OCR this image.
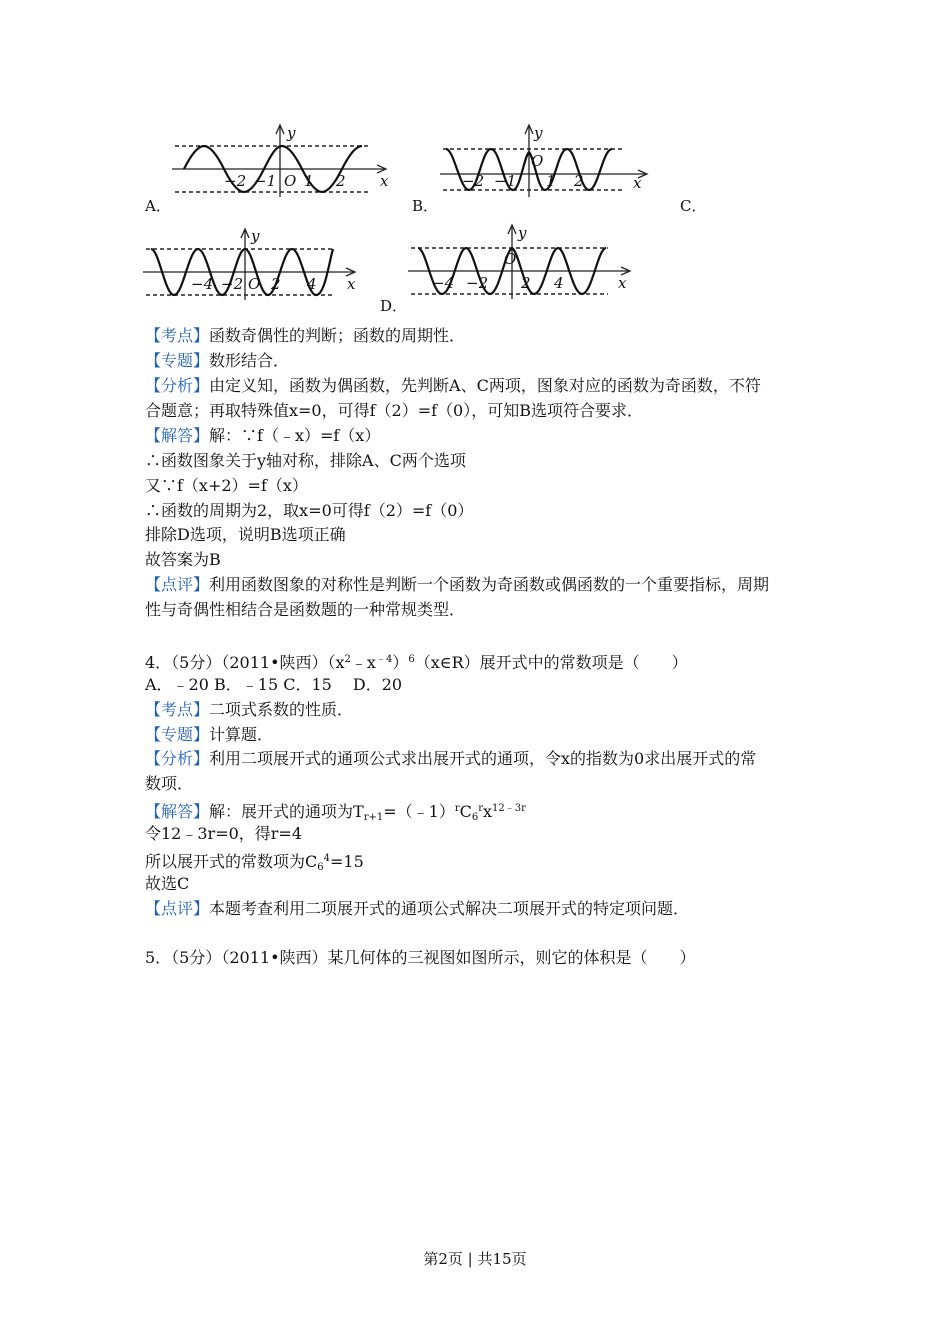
y
x
O
−2 −1 1 2
A．
y
x
O
−2 −1 1 2
B．	C．
y
x
O
−4 −2 2 4
y
x
O
−4 −2 2 4
D．
【考点】函数奇偶性的判断；函数的周期性．
【专题】数形结合．
【分析】由定义知，函数为偶函数，先判断A、C两项，图象对应的函数为奇函数，不符
合题意；再取特殊值x=0，可得f（2）=f（0），可知B选项符合要求．
【解答】解：∵f（﹣x）=f（x）
∴函数图象关于y轴对称，排除A、C两个选项
又∵f（x+2）=f（x）
∴函数的周期为2，取x=0可得f（2）=f（0）
排除D选项，说明B选项正确
故答案为B
【点评】利用函数图象的对称性是判断一个函数为奇函数或偶函数的一个重要指标，周期
性与奇偶性相结合是函数题的一种常规类型．
4．（5分）（2011•陕西）$(x^2﹣x^{﹣4})^6(x\in R)$展开式中的常数项是（　　）
A．﹣20 B．﹣15 C．15　 D．20
【考点】二项式系数的性质．
【专题】计算题．
【分析】利用二项展开式的通项公式求出展开式的通项，令x的指数为0求出展开式的常
数项．
【解答】解：展开式的通项为$T_{r+1}=(﹣1)^rC_6^rx^{12﹣3r}$
令12﹣3r=0，得r=4
所以展开式的常数项为$C_6^4=15$
故选C
【点评】本题考查利用二项展开式的通项公式解决二项展开式的特定项问题．
5．（5分）（2011•陕西）某几何体的三视图如图所示，则它的体积是（　　）
第2页 | 共15页
